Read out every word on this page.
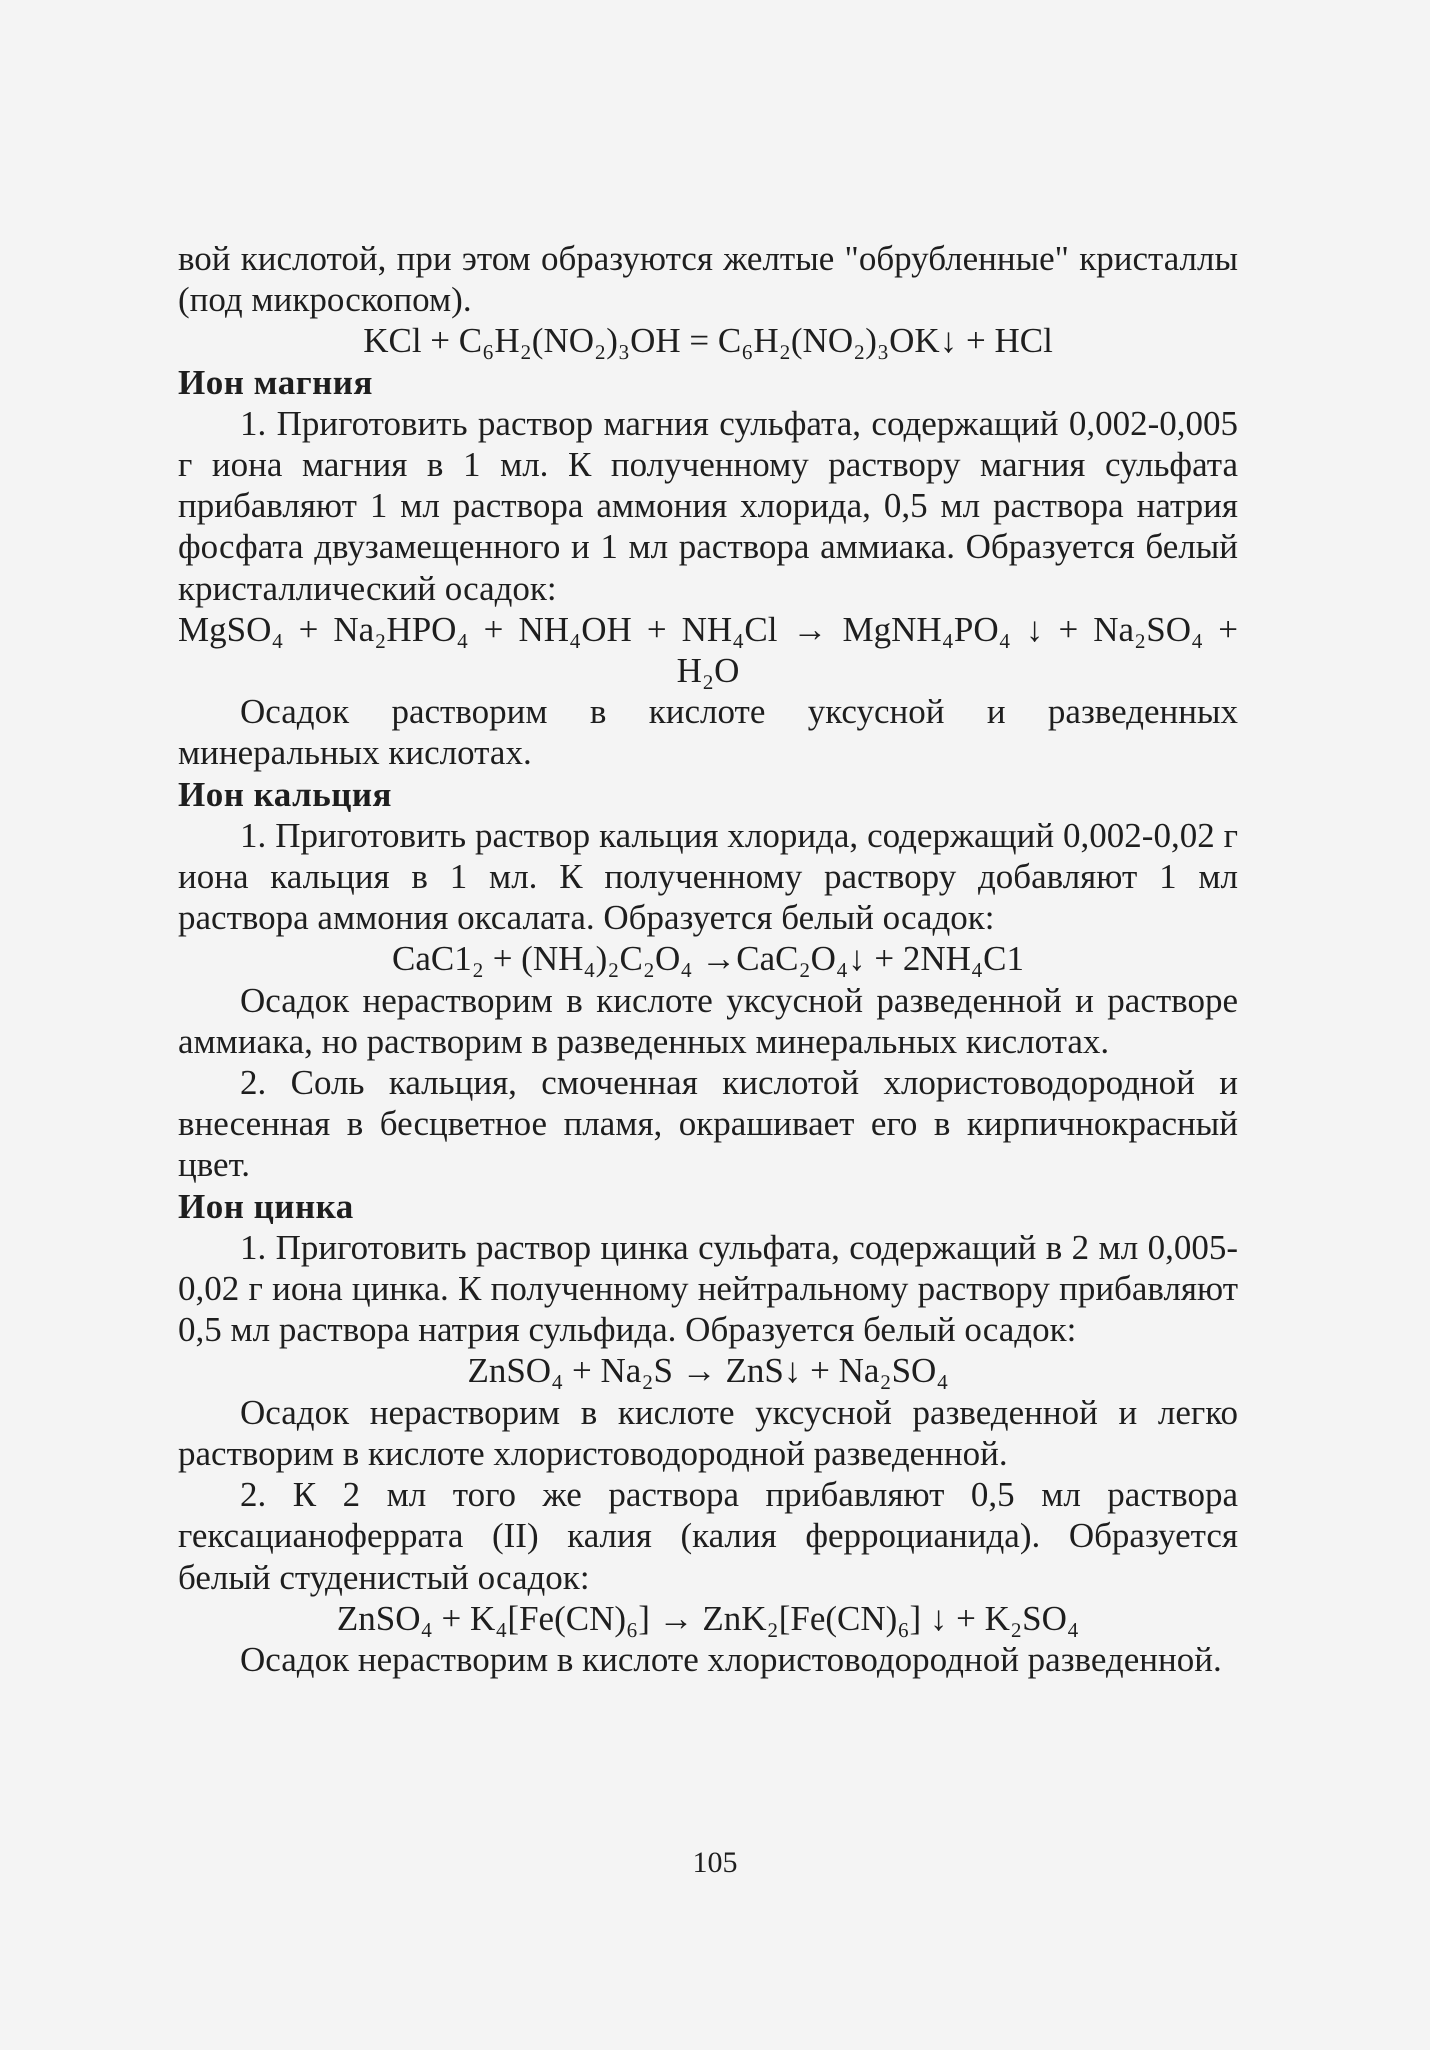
вой кислотой, при этом образуются желтые "обрубленные" кристаллы (под микроскопом).

KCl + C₆H₂(NO₂)₃OH = C₆H₂(NO₂)₃OK↓ + HCl

Ион магния

1. Приготовить раствор магния сульфата, содержащий 0,002-0,005 г иона магния в 1 мл. К полученному раствору магния сульфата прибавляют 1 мл раствора аммония хлорида, 0,5 мл раствора натрия фосфата двузамещенного и 1 мл раствора аммиака. Образуется белый кристаллический осадок:

MgSO₄ + Na₂HPO₄ + NH₄OH + NH₄Cl → MgNH₄PO₄ ↓ + Na₂SO₄ +

H₂O

Осадок растворим в кислоте уксусной и разведенных минеральных кислотах.

Ион кальция

1. Приготовить раствор кальция хлорида, содержащий 0,002-0,02 г иона кальция в 1 мл. К полученному раствору добавляют 1 мл раствора аммония оксалата. Образуется белый осадок:

CaC1₂ + (NH₄)₂C₂O₄ →CaC₂O₄↓ + 2NH₄C1

Осадок нерастворим в кислоте уксусной разведенной и растворе аммиака, но растворим в разведенных минеральных кислотах.

2. Соль кальция, смоченная кислотой хлористоводородной и внесенная в бесцветное пламя, окрашивает его в кирпичнокрасный цвет.

Ион цинка

1. Приготовить раствор цинка сульфата, содержащий в 2 мл 0,005-0,02 г иона цинка. К полученному нейтральному раствору прибавляют 0,5 мл раствора натрия сульфида. Образуется белый осадок:

ZnSO₄ + Na₂S → ZnS↓ + Na₂SO₄

Осадок нерастворим в кислоте уксусной разведенной и легко растворим в кислоте хлористоводородной разведенной.

2. К 2 мл того же раствора прибавляют 0,5 мл раствора гексацианоферрата (II) калия (калия ферроцианида). Образуется белый студенистый осадок:

ZnSO₄ + K₄[Fe(CN)₆] → ZnK₂[Fe(CN)₆] ↓ + K₂SO₄

Осадок нерастворим в кислоте хлористоводородной разведенной.

105
